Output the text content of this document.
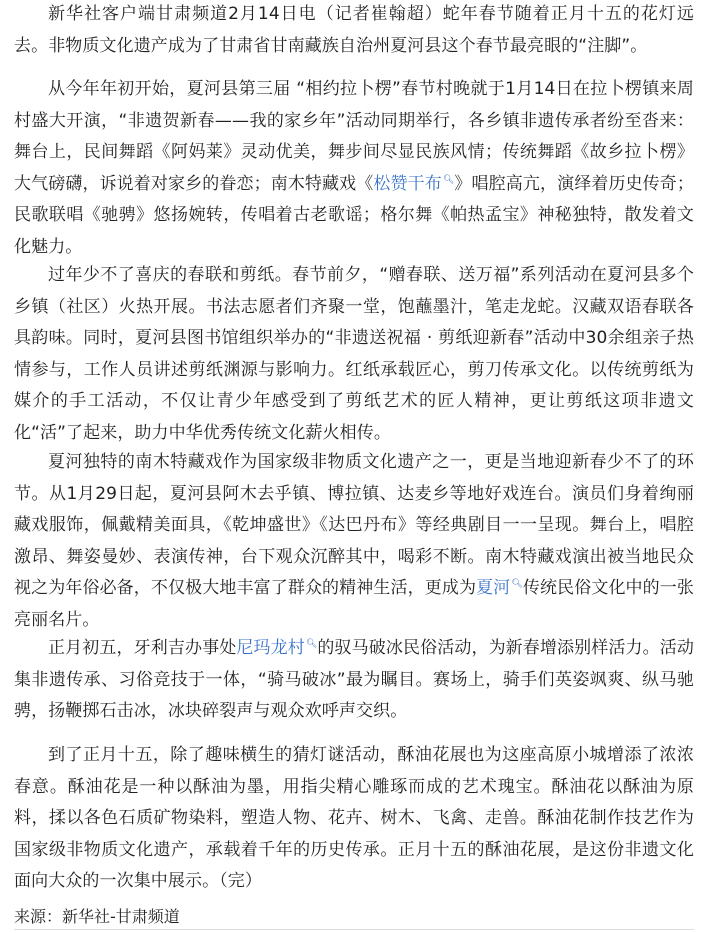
新华社客户端甘肃频道2月14日电（记者崔翰超）蛇年春节随着正月十五的花灯远去。非物质文化遗产成为了甘肃省甘南藏族自治州夏河县这个春节最亮眼的“注脚”。

从今年年初开始，夏河县第三届 “相约拉卜楞”春节村晚就于1月14日在拉卜楞镇来周村盛大开演，“非遗贺新春——我的家乡年”活动同期举行，各乡镇非遗传承者纷至沓来：舞台上，民间舞蹈《阿妈莱》灵动优美，舞步间尽显民族风情；传统舞蹈《故乡拉卜楞》大气磅礴，诉说着对家乡的眷恋；南木特藏戏《松赞干布🔍︎》唱腔高亢，演绎着历史传奇；民歌联唱《驰骋》悠扬婉转，传唱着古老歌谣；格尔舞《帕热孟宝》神秘独特，散发着文化魅力。

过年少不了喜庆的春联和剪纸。春节前夕，“赠春联、送万福”系列活动在夏河县多个乡镇（社区）火热开展。书法志愿者们齐聚一堂，饱蘸墨汁，笔走龙蛇。汉藏双语春联各具韵味。同时，夏河县图书馆组织举办的“非遗送祝福 · 剪纸迎新春”活动中30余组亲子热情参与，工作人员讲述剪纸渊源与影响力。红纸承载匠心，剪刀传承文化。以传统剪纸为媒介的手工活动，不仅让青少年感受到了剪纸艺术的匠人精神，更让剪纸这项非遗文化“活”了起来，助力中华优秀传统文化薪火相传。

夏河独特的南木特藏戏作为国家级非物质文化遗产之一，更是当地迎新春少不了的环节。从1月29日起，夏河县阿木去乎镇、博拉镇、达麦乡等地好戏连台。演员们身着绚丽藏戏服饰，佩戴精美面具，《乾坤盛世》《达巴丹布》等经典剧目一一呈现。舞台上，唱腔激昂、舞姿曼妙、表演传神，台下观众沉醉其中，喝彩不断。南木特藏戏演出被当地民众视之为年俗必备，不仅极大地丰富了群众的精神生活，更成为夏河🔍︎传统民俗文化中的一张亮丽名片。

正月初五，牙利吉办事处尼玛龙村🔍︎的驭马破冰民俗活动，为新春增添别样活力。活动集非遗传承、习俗竞技于一体，“骑马破冰”最为瞩目。赛场上，骑手们英姿飒爽、纵马驰骋，扬鞭掷石击冰，冰块碎裂声与观众欢呼声交织。

到了正月十五，除了趣味横生的猜灯谜活动，酥油花展也为这座高原小城增添了浓浓春意。酥油花是一种以酥油为墨，用指尖精心雕琢而成的艺术瑰宝。酥油花以酥油为原料，揉以各色石质矿物染料，塑造人物、花卉、树木、飞禽、走兽。酥油花制作技艺作为国家级非物质文化遗产，承载着千年的历史传承。正月十五的酥油花展，是这份非遗文化面向大众的一次集中展示。（完）

来源：新华社-甘肃频道
